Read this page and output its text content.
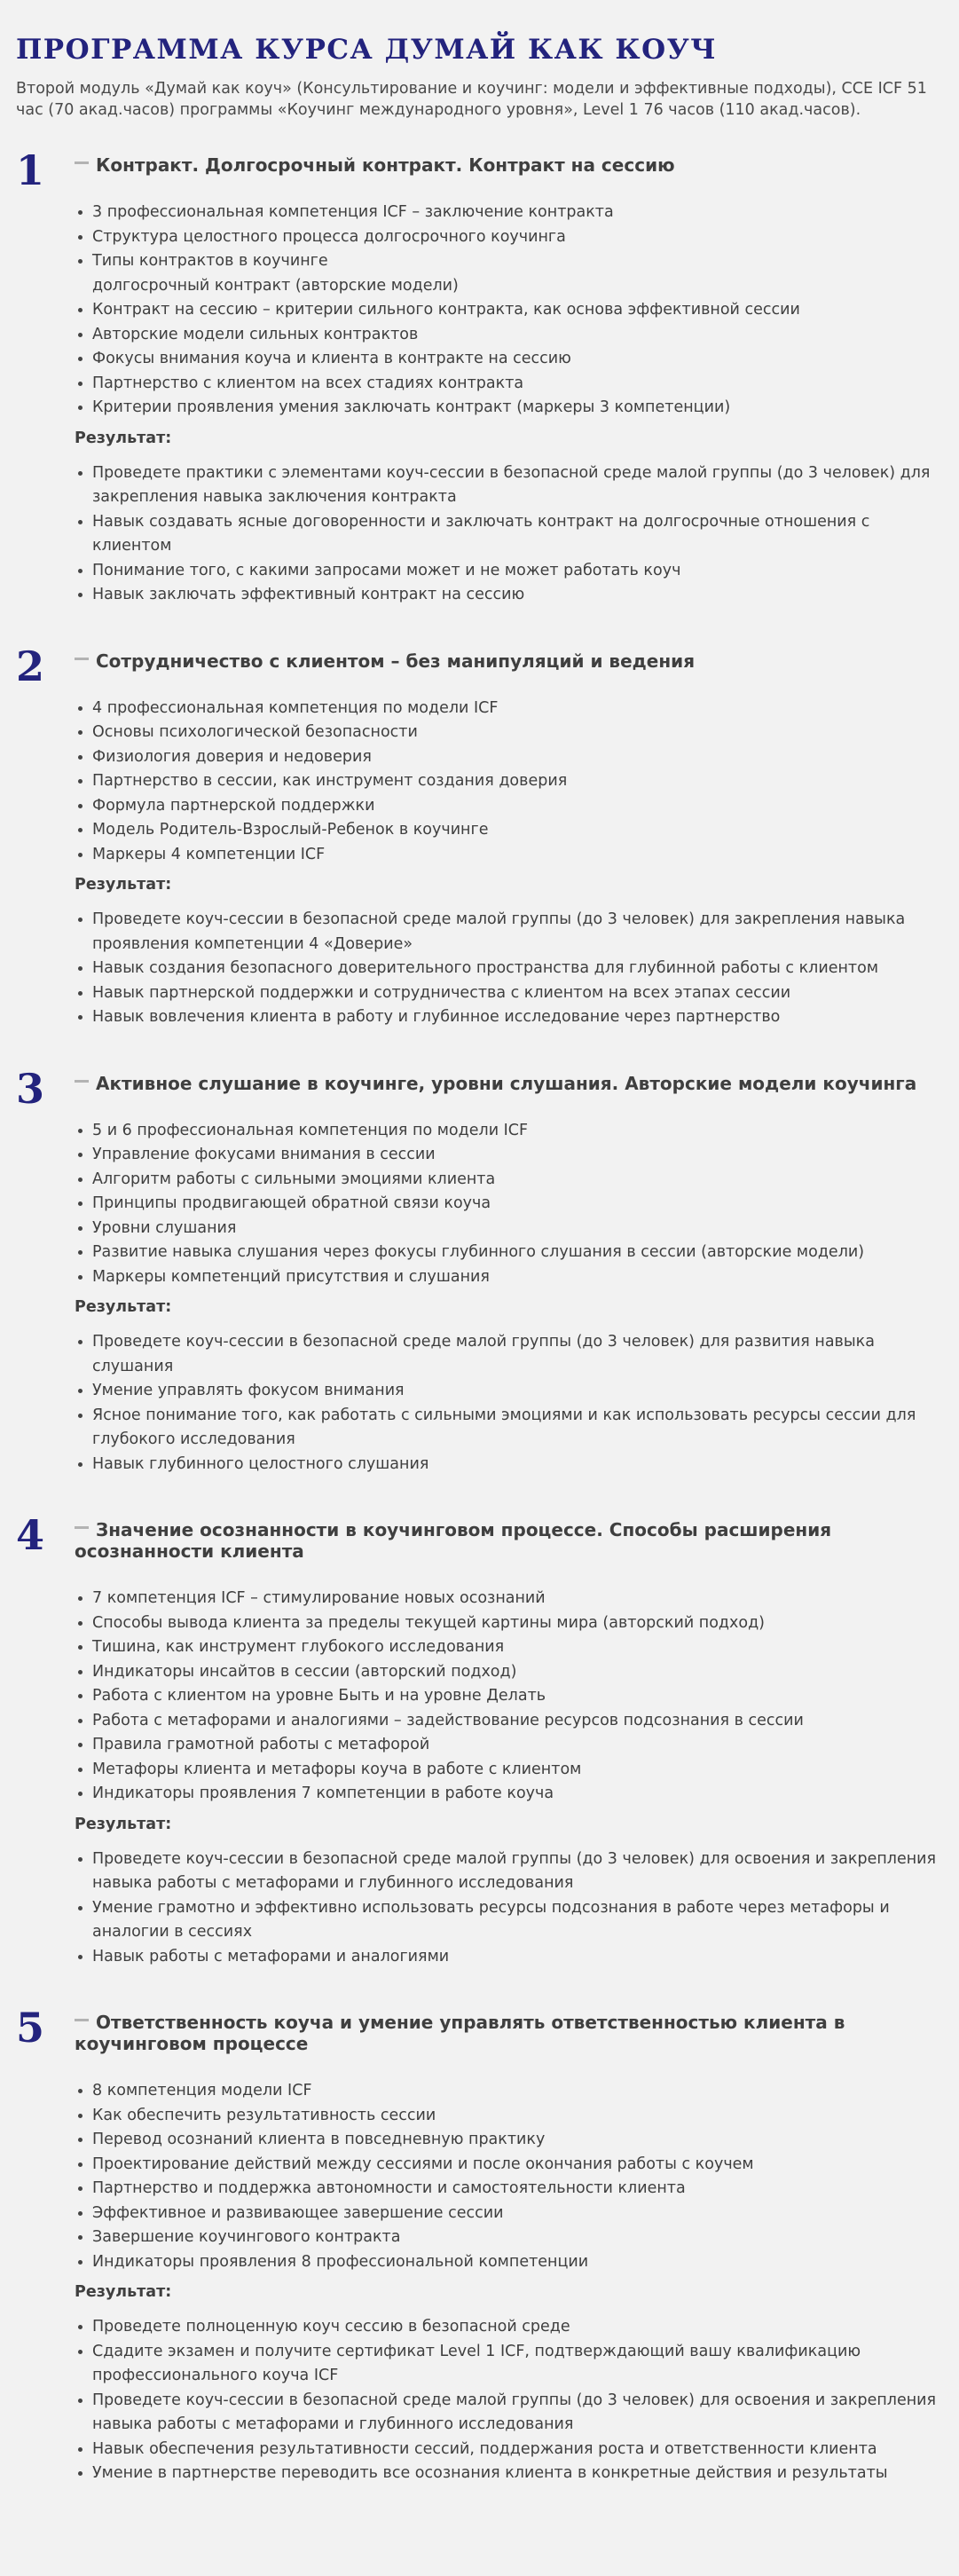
ПРОГРАММА КУРСА ДУМАЙ КАК КОУЧ

Второй модуль «Думай как коуч» (Консультирование и коучинг: модели и эффективные подходы), CCE ICF 51 час (70 акад.часов) программы «Коучинг международного уровня», Level 1 76 часов (110 акад.часов).

1	Контракт. Долгосрочный контракт. Контракт на сессию
3 профессиональная компетенция ICF – заключение контракта
Структура целостного процесса долгосрочного коучинга
Типы контрактов в коучинге
долгосрочный контракт (авторские модели)
Контракт на сессию – критерии сильного контракта, как основа эффективной сессии
Авторские модели сильных контрактов
Фокусы внимания коуча и клиента в контракте на сессию
Партнерство с клиентом на всех стадиях контракта
Критерии проявления умения заключать контракт (маркеры 3 компетенции)
Результат:
Проведете практики с элементами коуч-сессии в безопасной среде малой группы (до 3 человек) для закрепления навыка заключения контракта
Навык создавать ясные договоренности и заключать контракт на долгосрочные отношения с клиентом
Понимание того, с какими запросами может и не может работать коуч
Навык заключать эффективный контракт на сессию
2	Сотрудничество с клиентом – без манипуляций и ведения
4 профессиональная компетенция по модели ICF
Основы психологической безопасности
Физиология доверия и недоверия
Партнерство в сессии, как инструмент создания доверия
Формула партнерской поддержки
Модель Родитель-Взрослый-Ребенок в коучинге
Маркеры 4 компетенции ICF
Результат:
Проведете коуч-сессии в безопасной среде малой группы (до 3 человек) для закрепления навыка проявления компетенции 4 «Доверие»
Навык создания безопасного доверительного пространства для глубинной работы с клиентом
Навык партнерской поддержки и сотрудничества с клиентом на всех этапах сессии
Навык вовлечения клиента в работу и глубинное исследование через партнерство
3	Активное слушание в коучинге, уровни слушания. Авторские модели коучинга
5 и 6 профессиональная компетенция по модели ICF
Управление фокусами внимания в сессии
Алгоритм работы с сильными эмоциями клиента
Принципы продвигающей обратной связи коуча
Уровни слушания
Развитие навыка слушания через фокусы глубинного слушания в сессии (авторские модели)
Маркеры компетенций присутствия и слушания
Результат:
Проведете коуч-сессии в безопасной среде малой группы (до 3 человек) для развития навыка слушания
Умение управлять фокусом внимания
Ясное понимание того, как работать с сильными эмоциями и как использовать ресурсы сессии для глубокого исследования
Навык глубинного целостного слушания
4	Значение осознанности в коучинговом процессе. Способы расширения осознанности клиента
7 компетенция ICF – стимулирование новых осознаний
Способы вывода клиента за пределы текущей картины мира (авторский подход)
Тишина, как инструмент глубокого исследования
Индикаторы инсайтов в сессии (авторский подход)
Работа с клиентом на уровне Быть и на уровне Делать
Работа с метафорами и аналогиями – задействование ресурсов подсознания в сессии
Правила грамотной работы с метафорой
Метафоры клиента и метафоры коуча в работе с клиентом
Индикаторы проявления 7 компетенции в работе коуча
Результат:
Проведете коуч-сессии в безопасной среде малой группы (до 3 человек) для освоения и закрепления навыка работы с метафорами и глубинного исследования
Умение грамотно и эффективно использовать ресурсы подсознания в работе через метафоры и аналогии в сессиях
Навык работы с метафорами и аналогиями
5	Ответственность коуча и умение управлять ответственностью клиента в коучинговом процессе
8 компетенция модели ICF
Как обеспечить результативность сессии
Перевод осознаний клиента в повседневную практику
Проектирование действий между сессиями и после окончания работы с коучем
Партнерство и поддержка автономности и самостоятельности клиента
Эффективное и развивающее завершение сессии
Завершение коучингового контракта
Индикаторы проявления 8 профессиональной компетенции
Результат:
Проведете полноценную коуч сессию в безопасной среде
Сдадите экзамен и получите сертификат Level 1 ICF, подтверждающий вашу квалификацию профессионального коуча ICF
Проведете коуч-сессии в безопасной среде малой группы (до 3 человек) для освоения и закрепления навыка работы с метафорами и глубинного исследования
Навык обеспечения результативности сессий, поддержания роста и ответственности клиента
Умение в партнерстве переводить все осознания клиента в конкретные действия и результаты
